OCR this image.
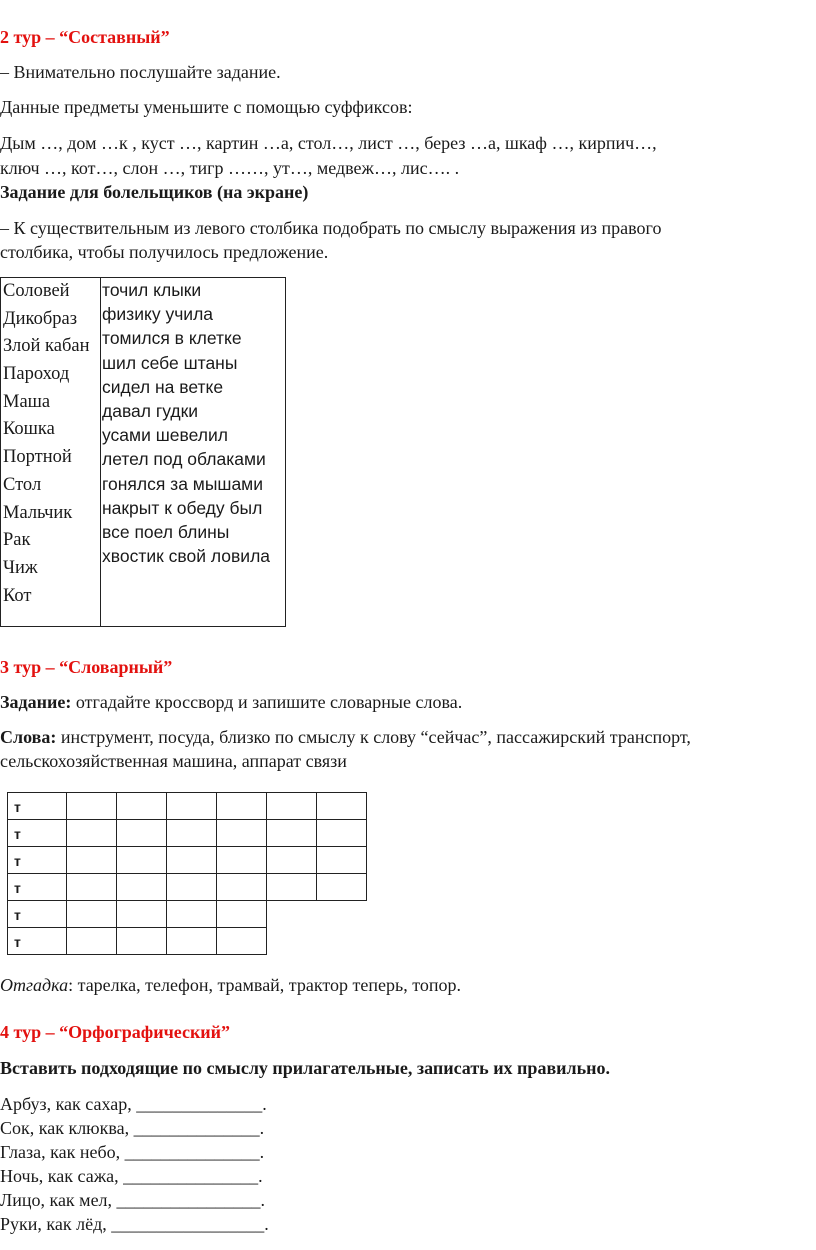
2 тур – “Составный”
– Внимательно послушайте задание.
Данные предметы уменьшите с помощью суффиксов:
Дым …, дом …к , куст …, картин …а, стол…, лист …, берез …а, шкаф …, кирпич…,
ключ …, кот…, слон …, тигр ……, ут…, медвеж…, лис…. .
Задание для болельщиков (на экране)
– К существительным из левого столбика подобрать по смыслу выражения из правого
столбика, чтобы получилось предложение.
Соловей
Дикобраз
Злой кабан
Пароход
Маша
Кошка
Портной
Стол
Мальчик
Рак
Чиж
Кот
точил клыки
физику учила
томился в клетке
шил себе штаны
сидел на ветке
давал гудки
усами шевелил
летел под облаками
гонялся за мышами
накрыт к обеду был
все поел блины
хвостик свой ловила
3 тур – “Словарный”
Задание: отгадайте кроссворд и запишите словарные слова.
Слова: инструмент, посуда, близко по смыслу к слову “сейчас”, пассажирский транспорт,
сельскохозяйственная машина, аппарат связи
т
т
т
т
т
т
Отгадка: тарелка, телефон, трамвай, трактор теперь, топор.
4 тур – “Орфографический”
Вставить подходящие по смыслу прилагательные, записать их правильно.
Арбуз, как сахар, ______________.
Сок, как клюква, ______________.
Глаза, как небо, _______________.
Ночь, как сажа, _______________.
Лицо, как мел, ________________.
Руки, как лёд, _________________.
